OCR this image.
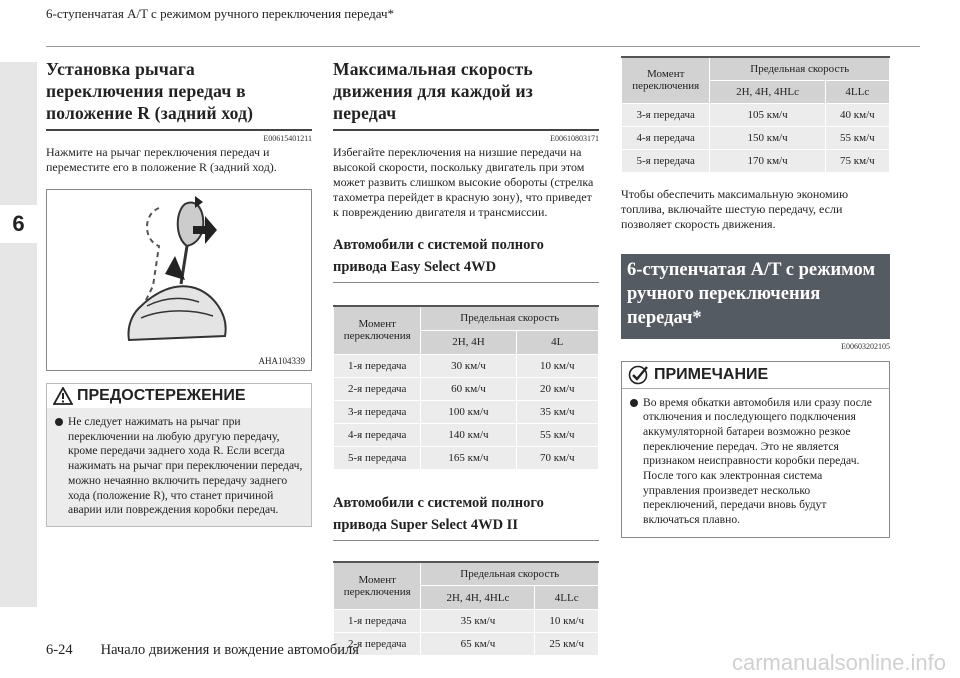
6
6-ступенчатая A/T с режимом ручного переключения передач*
Установка рычага переключения передач в положение R (задний ход)
E00615401211
Нажмите на рычаг переключения передач и переместите его в положение R (задний ход).
AHA104339
ПРЕДОСТЕРЕЖЕНИЕ
Не следует нажимать на рычаг при переключении на любую другую передачу, кроме передачи заднего хода R. Если всегда нажимать на рычаг при переключении передач, можно нечаянно включить передачу заднего хода (положение R), что станет причиной аварии или повреждения коробки передач.
Максимальная скорость движения для каждой из передач
E00610803171
Избегайте переключения на низшие передачи на высокой скорости, поскольку двигатель при этом может развить слишком высокие обороты (стрелка тахометра перейдет в красную зону), что приведет к повреждению двигателя и трансмиссии.
Автомобили с системой полного привода Easy Select 4WD
Момент переключения	Предельная скорость	
	2H, 4H	4L
1-я передача	30 км/ч	10 км/ч
2-я передача	60 км/ч	20 км/ч
3-я передача	100 км/ч	35 км/ч
4-я передача	140 км/ч	55 км/ч
5-я передача	165 км/ч	70 км/ч
Автомобили с системой полного привода Super Select 4WD II
Момент переключения	Предельная скорость	
	2H, 4H, 4HLc	4LLc
1-я передача	35 км/ч	10 км/ч
2-я передача	65 км/ч	25 км/ч
Момент переключения	Предельная скорость	
	2H, 4H, 4HLc	4LLc
3-я передача	105 км/ч	40 км/ч
4-я передача	150 км/ч	55 км/ч
5-я передача	170 км/ч	75 км/ч
Чтобы обеспечить максимальную экономию топлива, включайте шестую передачу, если позволяет скорость движения.
6-ступенчатая A/T с режимом ручного переключения передач*
E00603202105
ПРИМЕЧАНИЕ
Во время обкатки автомобиля или сразу после отключения и последующего подключения аккумуляторной батареи возможно резкое переключение передач. Это не является признаком неисправности коробки передач. После того как электронная система управления произведет несколько переключений, передачи вновь будут включаться плавно.
6-24 Начало движения и вождение автомобиля	carmanualsonline.info
